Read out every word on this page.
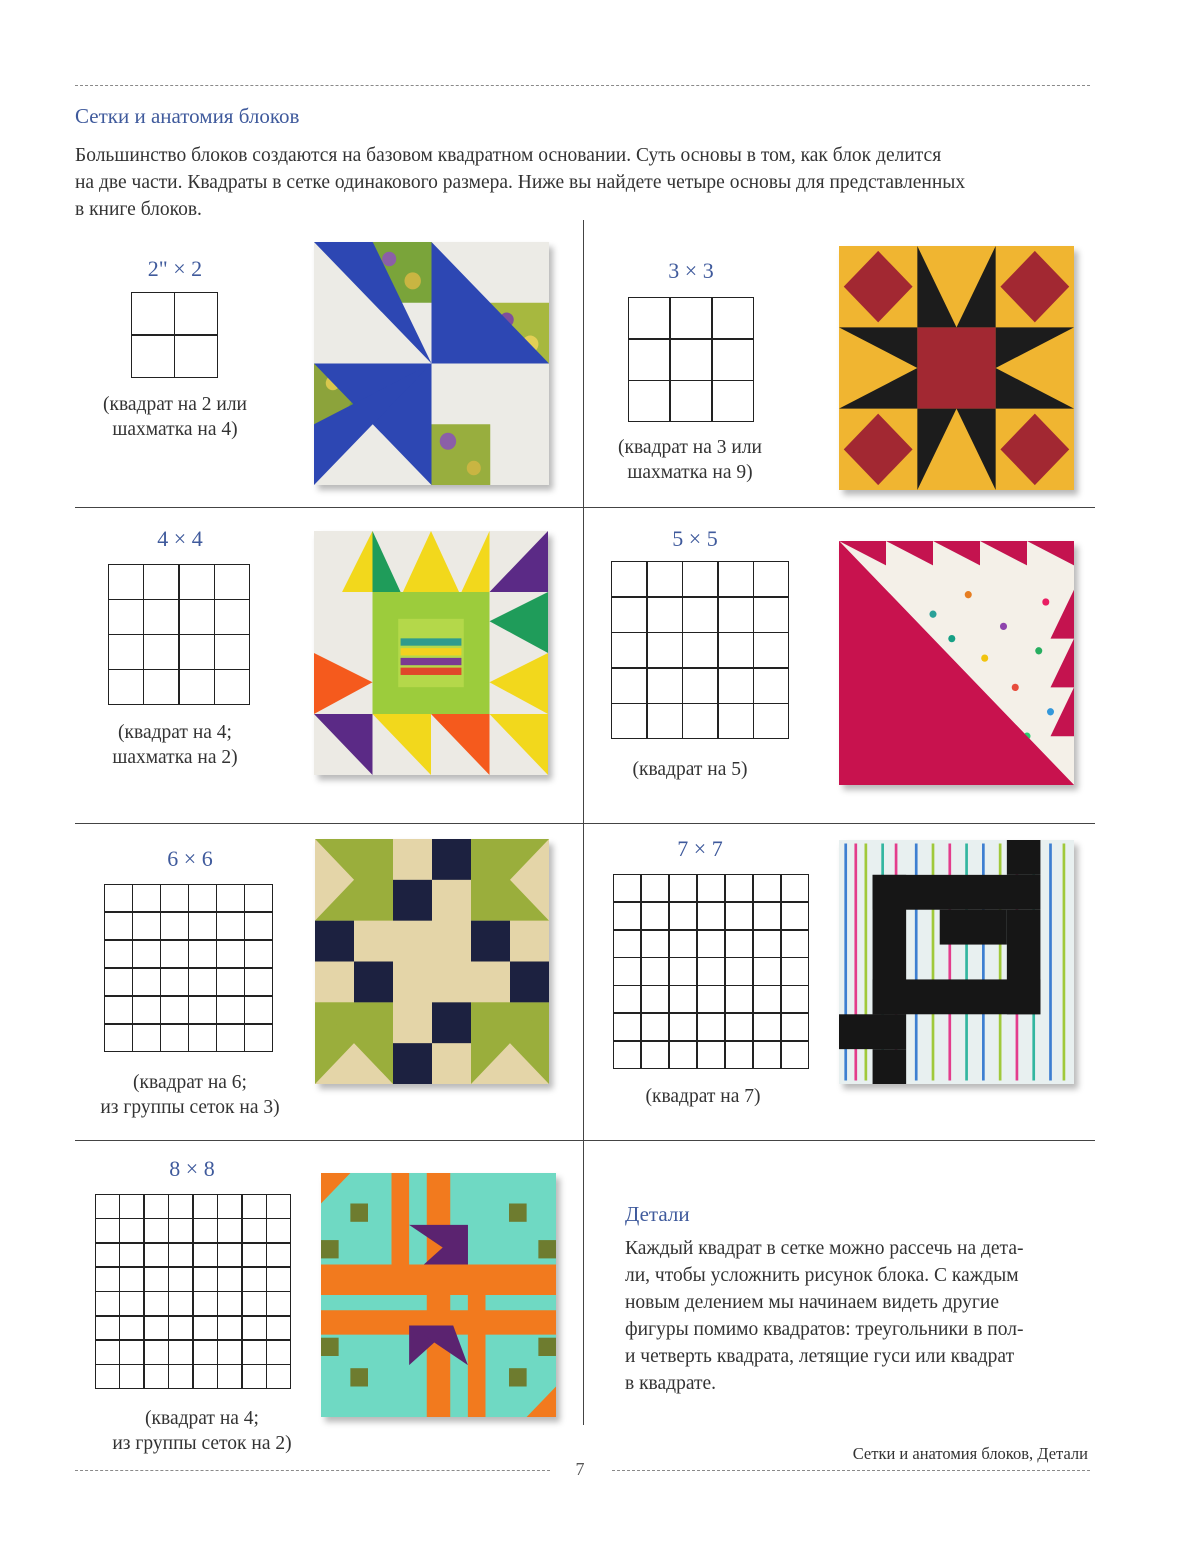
Сетки и анатомия блоков
Большинство блоков создаются на базовом квадратном основании. Суть основы в том, как блок делится
на две части. Квадраты в сетке одинакового размера. Ниже вы найдете четыре основы для представленных
в книге блоков.
2" × 2
(квадрат на 2 или
шахматка на 4)
3 × 3
(квадрат на 3 или
шахматка на 9)
4 × 4
(квадрат на 4;
шахматка на 2)
5 × 5
(квадрат на 5)
6 × 6
(квадрат на 6;
из группы сеток на 3)
7 × 7
(квадрат на 7)
8 × 8
(квадрат на 4;
из группы сеток на 2)
Детали
Каждый квадрат в сетке можно рассечь на дета-
ли, чтобы усложнить рисунок блока. С каждым
новым делением мы начинаем видеть другие
фигуры помимо квадратов: треугольники в пол-
и четверть квадрата, летящие гуси или квадрат
в квадрате.
Сетки и анатомия блоков, Детали
7
